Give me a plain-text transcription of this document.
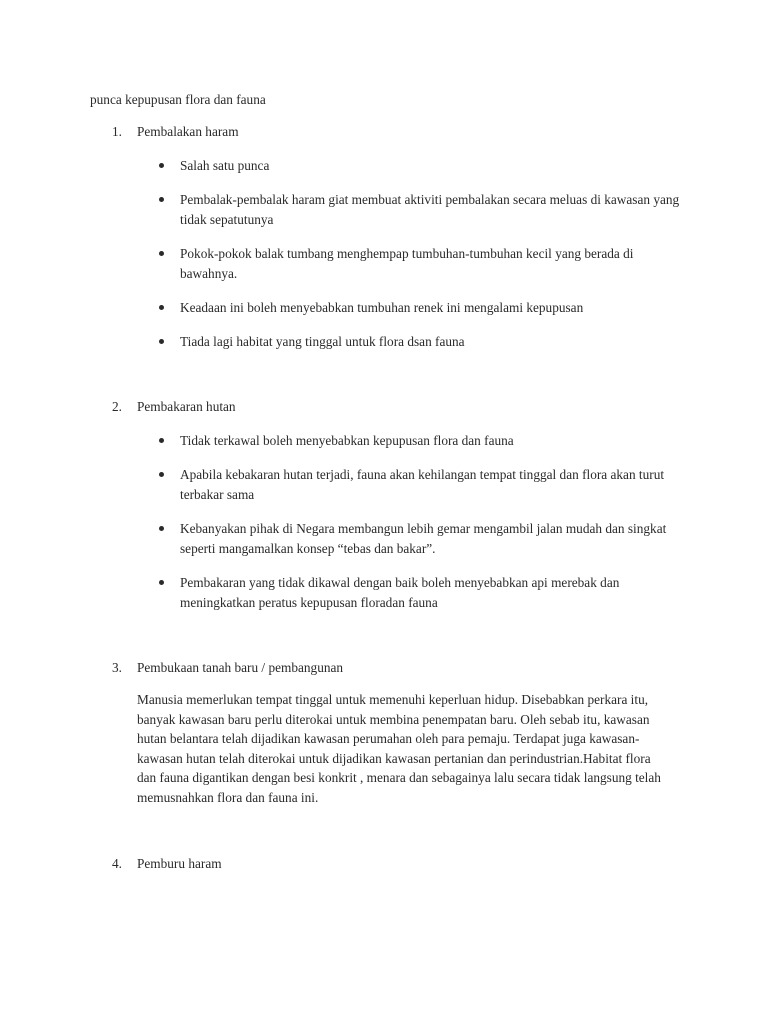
punca kepupusan flora dan fauna

1. Pembalakan haram
Salah satu punca
Pembalak-pembalak haram giat membuat aktiviti pembalakan secara meluas di kawasan yang tidak sepatutunya
Pokok-pokok balak tumbang menghempap tumbuhan-tumbuhan kecil yang berada di bawahnya.
Keadaan ini boleh menyebabkan tumbuhan renek ini mengalami kepupusan
Tiada lagi habitat yang tinggal untuk flora dsan fauna
2. Pembakaran hutan
Tidak terkawal boleh menyebabkan kepupusan flora dan fauna
Apabila kebakaran hutan terjadi, fauna akan kehilangan tempat tinggal dan flora akan turut terbakar sama
Kebanyakan pihak di Negara membangun lebih gemar mengambil jalan mudah dan singkat seperti mangamalkan konsep “tebas dan bakar”.
Pembakaran yang tidak dikawal dengan baik boleh menyebabkan api merebak dan meningkatkan peratus kepupusan floradan fauna
3. Pembukaan tanah baru / pembangunan

Manusia memerlukan tempat tinggal untuk memenuhi keperluan hidup. Disebabkan perkara itu, banyak kawasan baru perlu diterokai untuk membina penempatan baru. Oleh sebab itu, kawasan hutan belantara telah dijadikan kawasan perumahan oleh para pemaju. Terdapat juga kawasan-kawasan hutan telah diterokai untuk dijadikan kawasan pertanian dan perindustrian.Habitat flora dan fauna digantikan dengan besi konkrit , menara dan sebagainya lalu secara tidak langsung telah memusnahkan flora dan fauna ini.

4. Pemburu haram
